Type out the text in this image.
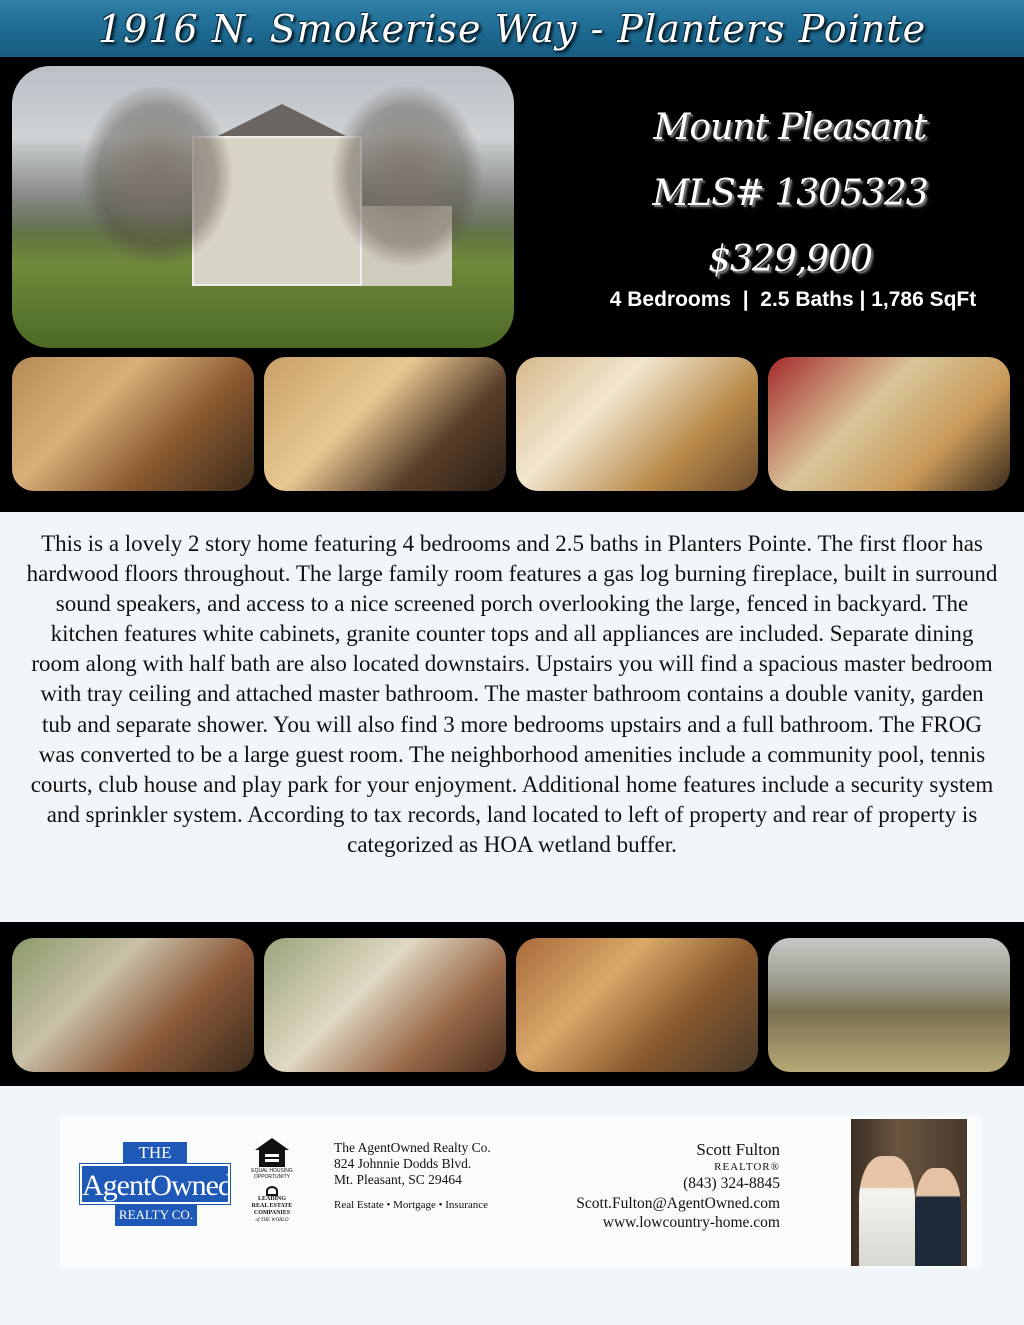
1916 N. Smokerise Way - Planters Pointe
Mount Pleasant
MLS# 1305323
$329,900
4 Bedrooms  |  2.5 Baths | 1,786 SqFt

This is a lovely 2 story home featuring 4 bedrooms and 2.5 baths in Planters Pointe. The first floor has hardwood floors throughout. The large family room features a gas log burning fireplace, built in surround sound speakers, and access to a nice screened porch overlooking the large, fenced in backyard. The kitchen features white cabinets, granite counter tops and all appliances are included. Separate dining room along with half bath are also located downstairs. Upstairs you will find a spacious master bedroom with tray ceiling and attached master bathroom. The master bathroom contains a double vanity, garden tub and separate shower. You will also find 3 more bedrooms upstairs and a full bathroom. The FROG was converted to be a large guest room. The neighborhood amenities include a community pool, tennis courts, club house and play park for your enjoyment. Additional home features include a security system and sprinkler system. According to tax records, land located to left of property and rear of property is categorized as HOA wetland buffer.

THE
AgentOwned
REALTY CO.
EQUAL HOUSING OPPORTUNITY
LEADING REAL ESTATE COMPANIES
of THE WORLD
The AgentOwned Realty Co.
824 Johnnie Dodds Blvd.
Mt. Pleasant, SC 29464
Real Estate • Mortgage • Insurance
Scott Fulton
REALTOR®
(843) 324-8845
Scott.Fulton@AgentOwned.com
www.lowcountry-home.com
